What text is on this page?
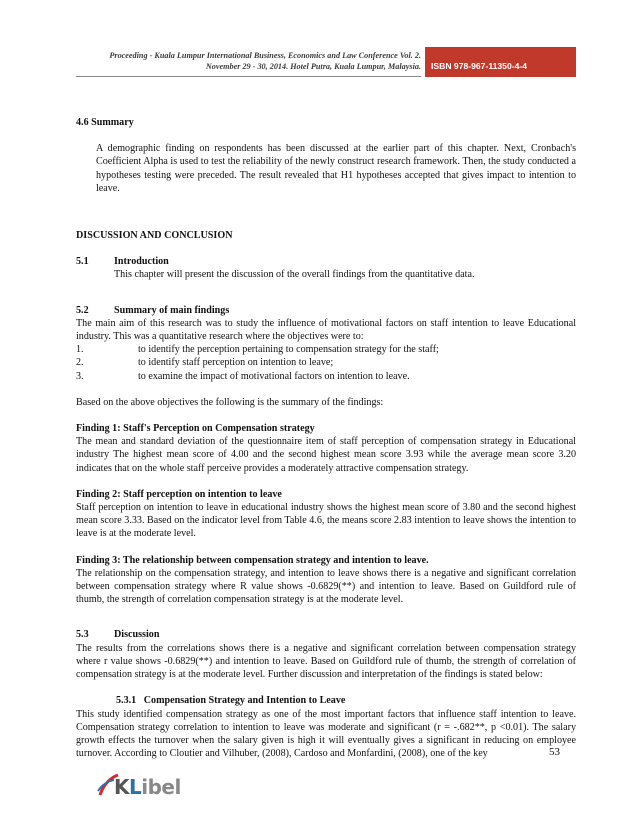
Proceeding - Kuala Lumpur International Business, Economics and Law Conference Vol. 2.
November 29 - 30, 2014. Hotel Putra, Kuala Lumpur, Malaysia. ISBN 978-967-11350-4-4

4.6 Summary

A demographic finding on respondents has been discussed at the earlier part of this chapter. Next, Cronbach's Coefficient Alpha is used to test the reliability of the newly construct research framework. Then, the study conducted a hypotheses testing were preceded. The result revealed that H1 hypotheses accepted that gives impact to intention to leave.

DISCUSSION AND CONCLUSION

5.1	Introduction

This chapter will present the discussion of the overall findings from the quantitative data.

5.2	Summary of main findings

The main aim of this research was to study the influence of motivational factors on staff intention to leave Educational industry. This was a quantitative research where the objectives were to:

1.	to identify the perception pertaining to compensation strategy for the staff;
2.	to identify staff perception on intention to leave;
3.	to examine the impact of motivational factors on intention to leave.

Based on the above objectives the following is the summary of the findings:

Finding 1: Staff's Perception on Compensation strategy

The mean and standard deviation of the questionnaire item of staff perception of compensation strategy in Educational industry The highest mean score of 4.00 and the second highest mean score 3.93 while the average mean score 3.20 indicates that on the whole staff perceive provides a moderately attractive compensation strategy.

Finding 2: Staff perception on intention to leave

Staff perception on intention to leave in educational industry shows the highest mean score of 3.80 and the second highest mean score 3.33. Based on the indicator level from Table 4.6, the means score 2.83 intention to leave shows the intention to leave is at the moderate level.

Finding 3: The relationship between compensation strategy and intention to leave.

The relationship on the compensation strategy, and intention to leave shows there is a negative and significant correlation between compensation strategy where R value shows -0.6829(**) and intention to leave. Based on Guildford rule of thumb, the strength of correlation compensation strategy is at the moderate level.

5.3	Discussion

The results from the correlations shows there is a negative and significant correlation between compensation strategy where r value shows -0.6829(**) and intention to leave. Based on Guildford rule of thumb, the strength of correlation of compensation strategy is at the moderate level. Further discussion and interpretation of the findings is stated below:

5.3.1   Compensation Strategy and Intention to Leave

This study identified compensation strategy as one of the most important factors that influence staff intention to leave. Compensation strategy correlation to intention to leave was moderate and significant (r = -.682**, p <0.01). The salary growth effects the turnover when the salary given is high it will eventually gives a significant in reducing on employee turnover. According to Cloutier and Vilhuber, (2008), Cardoso and Monfardini, (2008), one of the key	53
KLibel
